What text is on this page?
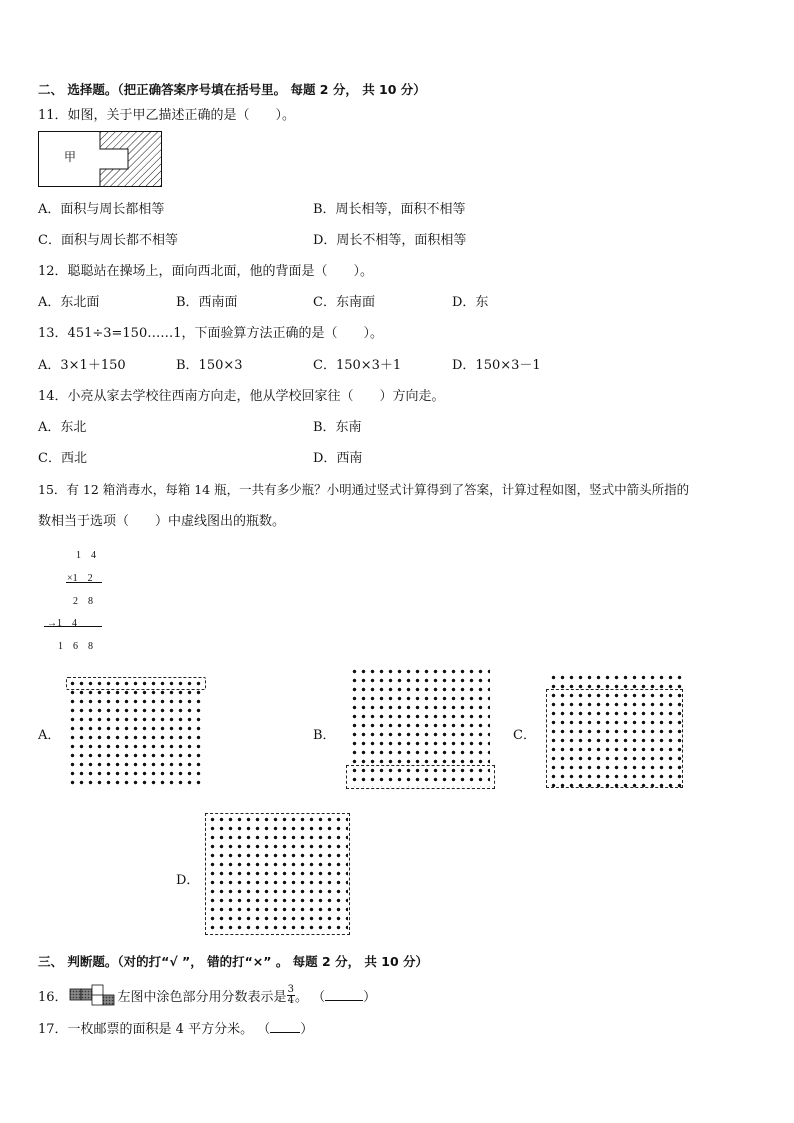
二、 选择题。（把正确答案序号填在括号里。 每题 2 分， 共 10 分）
11．如图，关于甲乙描述正确的是（　　）。
甲
A．面积与周长都相等	B．周长相等，面积不相等
C．面积与周长都不相等	D．周长不相等，面积相等
12．聪聪站在操场上，面向西北面，他的背面是（　　）。
A．东北面	B．西南面	C．东南面	D．东
13．451÷3=150……1，下面验算方法正确的是（　　）。
A．3×1＋150	B．150×3	C．150×3＋1	D．150×3－1
14．小亮从家去学校往西南方向走，他从学校回家往（　　）方向走。
A．东北	B．东南
C．西北	D．西南
15．有 12 箱消毒水，每箱 14 瓶，一共有多少瓶？小明通过竖式计算得到了答案，计算过程如图，竖式中箭头所指的
数相当于选项（　　）中虚线图出的瓶数。
1　4
×1　2
2　8
→1　4
1　6　8
A．	B．	C．
D．
三、 判断题。（对的打“√ ”， 错的打“×” 。 每题 2 分， 共 10 分）
16．	左图中涂色部分用分数表示是 $\frac{3}{4}$ 。 （	）
17．一枚邮票的面积是 4 平方分米。 （ ）
